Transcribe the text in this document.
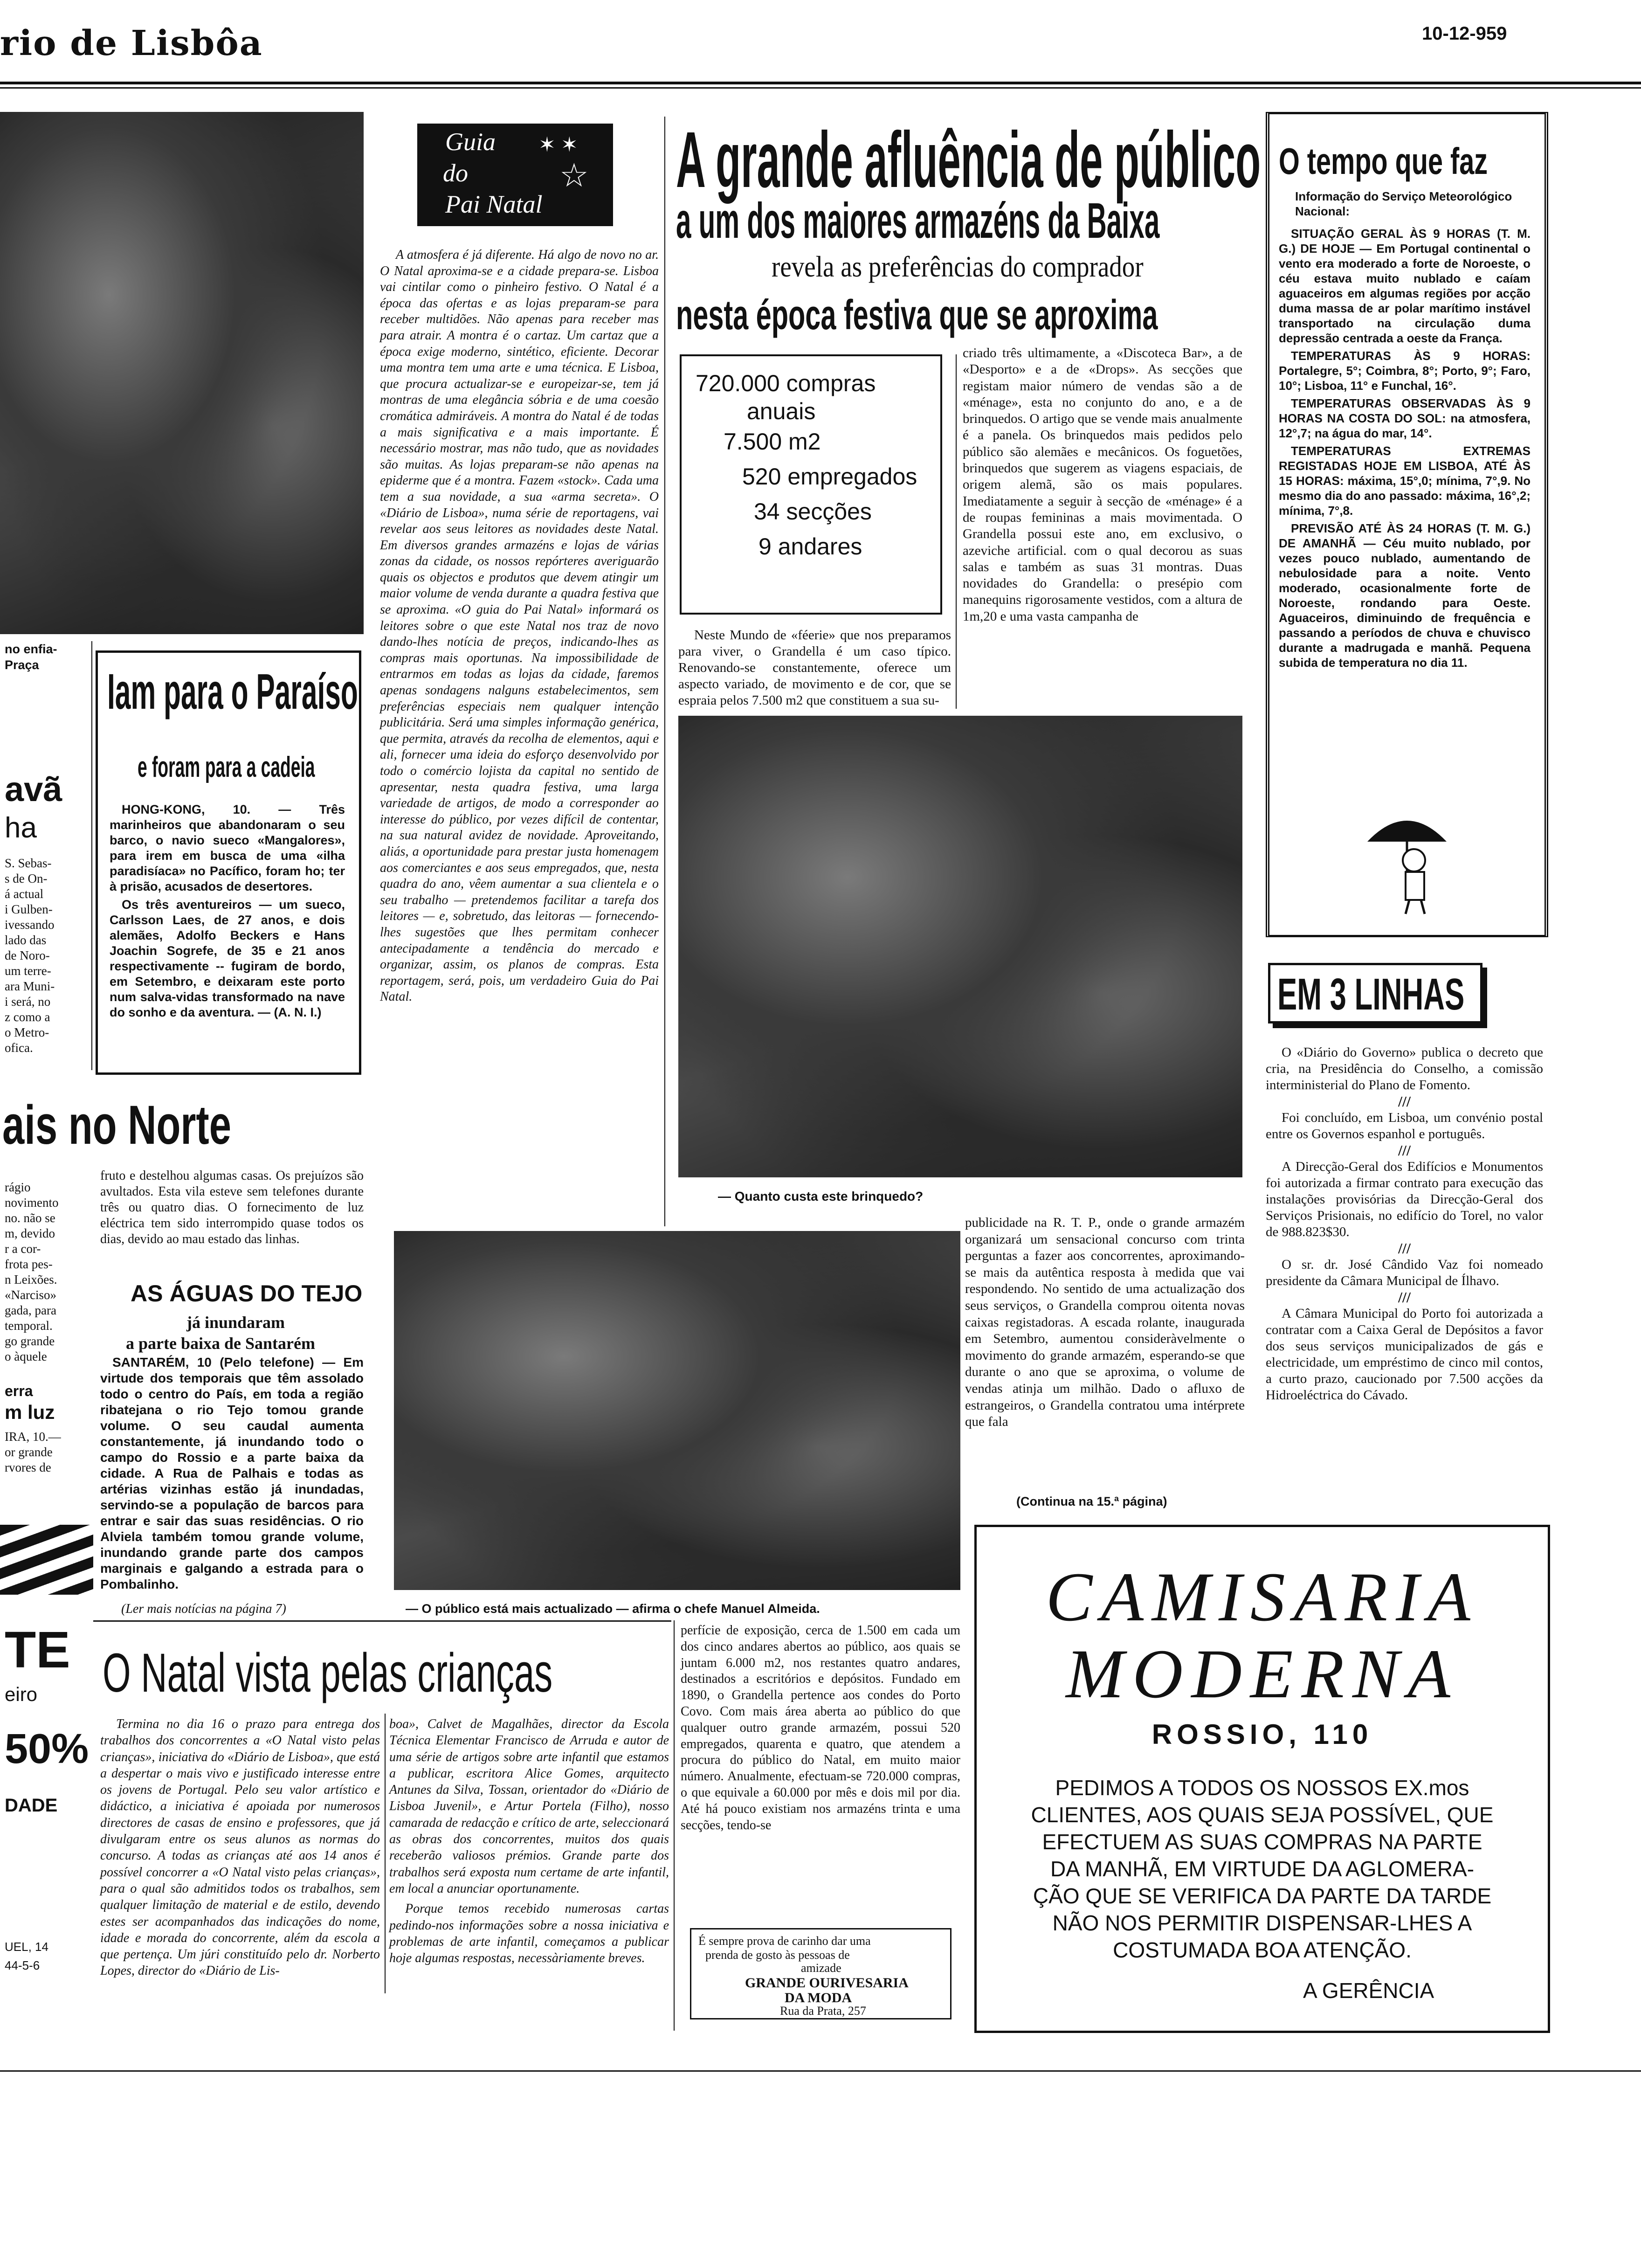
rio de Lisbôa	10-12-959
no enfia- Praça
avã
ha
S. Sebas-
s de On-
á actual
i Gulben-
ivessando
lado das
de Noro-
um terre-
ara Muni-
i será, no
z como a
o Metro-
ofica.
ais no Norte
rágio
novimento
no. não se
m, devido
r a cor-
frota pes-
n Leixões.
«Narciso»
gada, para
temporal.
go grande
o àquele
erra
m luz
IRA, 10.—
or grande
rvores de
TE
eiro
50%
DADE
UEL, 14
44-5-6
Iam para o Paraíso
e foram para a cadeia

HONG-KONG, 10. — Três marinheiros que abandonaram o seu barco, o navio sueco «Mangalores», para irem em busca de uma «ilha paradisíaca» no Pacífico, foram ho; ter à prisão, acusados de desertores.

Os três aventureiros — um sueco, Carlsson Laes, de 27 anos, e dois alemães, Adolfo Beckers e Hans Joachin Sogrefe, de 35 e 21 anos respectivamente -- fugiram de bordo, em Setembro, e deixaram este porto num salva-vidas transformado na nave do sonho e da aventura. — (A. N. I.)

fruto e destelhou algumas casas. Os prejuízos são avultados. Esta vila esteve sem telefones durante três ou quatro dias. O fornecimento de luz eléctrica tem sido interrompido quase todos os dias, devido ao mau estado das linhas.
AS ÁGUAS DO TEJO
já inundaram
a parte baixa de Santarém
SANTARÉM, 10 (Pelo telefone) — Em virtude dos temporais que têm assolado todo o centro do País, em toda a região ribatejana o rio Tejo tomou grande volume. O seu caudal aumenta constantemente, já inundando todo o campo do Rossio e a parte baixa da cidade. A Rua de Palhais e todas as artérias vizinhas estão já inundadas, servindo-se a população de barcos para entrar e sair das suas residências. O rio Alviela também tomou grande volume, inundando grande parte dos campos marginais e galgando a estrada para o Pombalinho.
(Ler mais notícias na página 7)
Guia
do
Pai Natal
✶ ✶
☆
A atmosfera é já diferente. Há algo de novo no ar. O Natal aproxima-se e a cidade prepara-se. Lisboa vai cintilar como o pinheiro festivo. O Natal é a época das ofertas e as lojas preparam-se para receber multidões. Não apenas para receber mas para atrair. A montra é o cartaz. Um cartaz que a época exige moderno, sintético, eficiente. Decorar uma montra tem uma arte e uma técnica. E Lisboa, que procura actualizar-se e europeizar-se, tem já montras de uma elegância sóbria e de uma coesão cromática admiráveis. A montra do Natal é de todas a mais significativa e a mais importante. É necessário mostrar, mas não tudo, que as novidades são muitas. As lojas preparam-se não apenas na epiderme que é a montra. Fazem «stock». Cada uma tem a sua novidade, a sua «arma secreta». O «Diário de Lisboa», numa série de reportagens, vai revelar aos seus leitores as novidades deste Natal. Em diversos grandes armazéns e lojas de várias zonas da cidade, os nossos repórteres averiguarão quais os objectos e produtos que devem atingir um maior volume de venda durante a quadra festiva que se aproxima. «O guia do Pai Natal» informará os leitores sobre o que este Natal nos traz de novo dando-lhes notícia de preços, indicando-lhes as compras mais oportunas. Na impossibilidade de entrarmos em todas as lojas da cidade, faremos apenas sondagens nalguns estabelecimentos, sem preferências especiais nem qualquer intenção publicitária. Será uma simples informação genérica, que permita, através da recolha de elementos, aqui e ali, fornecer uma ideia do esforço desenvolvido por todo o comércio lojista da capital no sentido de apresentar, nesta quadra festiva, uma larga variedade de artigos, de modo a corresponder ao interesse do público, por vezes difícil de contentar, na sua natural avidez de novidade. Aproveitando, aliás, a oportunidade para prestar justa homenagem aos comerciantes e aos seus empregados, que, nesta quadra do ano, vêem aumentar a sua clientela e o seu trabalho — pretendemos facilitar a tarefa dos leitores — e, sobretudo, das leitoras — fornecendo-lhes sugestões que lhes permitam conhecer antecipadamente a tendência do mercado e organizar, assim, os planos de compras. Esta reportagem, será, pois, um verdadeiro Guia do Pai Natal.
A grande afluência de público
a um dos maiores armazéns da Baixa
revela as preferências do comprador
nesta época festiva que se aproxima
720.000 compras
anuais
7.500 m2
520 empregados
34 secções
9 andares
Neste Mundo de «féerie» que nos preparamos para viver, o Grandella é um caso típico. Renovando-se constantemente, oferece um aspecto variado, de movimento e de cor, que se espraia pelos 7.500 m2 que constituem a sua su-
criado três ultimamente, a «Discoteca Bar», a de «Desporto» e a de «Drops». As secções que registam maior número de vendas são a de «ménage», esta no conjunto do ano, e a de brinquedos. O artigo que se vende mais anualmente é a panela. Os brinquedos mais pedidos pelo público são alemães e mecânicos. Os foguetões, brinquedos que sugerem as viagens espaciais, de origem alemã, são os mais populares. Imediatamente a seguir à secção de «ménage» é a de roupas femininas a mais movimentada. O Grandella possui este ano, em exclusivo, o azeviche artificial. com o qual decorou as suas salas e também as suas 31 montras. Duas novidades do Grandella: o presépio com manequins rigorosamente vestidos, com a altura de 1m,20 e uma vasta campanha de
— Quanto custa este brinquedo?
— O público está mais actualizado — afirma o chefe Manuel Almeida.
publicidade na R. T. P., onde o grande armazém organizará um sensacional concurso com trinta perguntas a fazer aos concorrentes, aproximando-se mais da autêntica resposta à medida que vai respondendo. No sentido de uma actualização dos seus serviços, o Grandella comprou oitenta novas caixas registadoras. A escada rolante, inaugurada em Setembro, aumentou consideràvelmente o movimento do grande armazém, esperando-se que durante o ano que se aproxima, o volume de vendas atinja um milhão. Dado o afluxo de estrangeiros, o Grandella contratou uma intérprete que fala
(Continua na 15.ª página)
O Natal vista pelas crianças
Termina no dia 16 o prazo para entrega dos trabalhos dos concorrentes a «O Natal visto pelas crianças», iniciativa do «Diário de Lisboa», que está a despertar o mais vivo e justificado interesse entre os jovens de Portugal. Pelo seu valor artístico e didáctico, a iniciativa é apoiada por numerosos directores de casas de ensino e professores, que já divulgaram entre os seus alunos as normas do concurso. A todas as crianças até aos 14 anos é possível concorrer a «O Natal visto pelas crianças», para o qual são admitidos todos os trabalhos, sem qualquer limitação de material e de estilo, devendo estes ser acompanhados das indicações do nome, idade e morada do concorrente, além da escola a que pertença. Um júri constituído pelo dr. Norberto Lopes, director do «Diário de Lis-

boa», Calvet de Magalhães, director da Escola Técnica Elementar Francisco de Arruda e autor de uma série de artigos sobre arte infantil que estamos a publicar, escritora Alice Gomes, arquitecto Antunes da Silva, Tossan, orientador do «Diário de Lisboa Juvenil», e Artur Portela (Filho), nosso camarada de redacção e crítico de arte, seleccionará as obras dos concorrentes, muitos dos quais receberão valiosos prémios. Grande parte dos trabalhos será exposta num certame de arte infantil, em local a anunciar oportunamente.

Porque temos recebido numerosas cartas pedindo-nos informações sobre a nossa iniciativa e problemas de arte infantil, começamos a publicar hoje algumas respostas, necessàriamente breves.

perfície de exposição, cerca de 1.500 em cada um dos cinco andares abertos ao público, aos quais se juntam 6.000 m2, nos restantes quatro andares, destinados a escritórios e depósitos. Fundado em 1890, o Grandella pertence aos condes do Porto Covo. Com mais área aberta ao público do que qualquer outro grande armazém, possui 520 empregados, quarenta e quatro, que atendem a procura do público do Natal, em muito maior número. Anualmente, efectuam-se 720.000 compras, o que equivale a 60.000 por mês e dois mil por dia. Até há pouco existiam nos armazéns trinta e uma secções, tendo-se
É sempre prova de carinho dar uma
prenda de gosto às pessoas de
amizade
GRANDE OURIVESARIA
DA MODA
Rua da Prata, 257
O tempo que faz
Informação do Serviço Meteorológico Nacional:

SITUAÇÃO GERAL ÀS 9 HORAS (T. M. G.) DE HOJE — Em Portugal continental o vento era moderado a forte de Noroeste, o céu estava muito nublado e caíam aguaceiros em algumas regiões por acção duma massa de ar polar marítimo instável transportado na circulação duma depressão centrada a oeste da França.

TEMPERATURAS ÀS 9 HORAS: Portalegre, 5°; Coimbra, 8°; Porto, 9°; Faro, 10°; Lisboa, 11° e Funchal, 16°.

TEMPERATURAS OBSERVADAS ÀS 9 HORAS NA COSTA DO SOL: na atmosfera, 12°,7; na água do mar, 14°.

TEMPERATURAS EXTREMAS REGISTADAS HOJE EM LISBOA, ATÉ ÀS 15 HORAS: máxima, 15°,0; mínima, 7°,9. No mesmo dia do ano passado: máxima, 16°,2; mínima, 7°,8.

PREVISÃO ATÉ ÀS 24 HORAS (T. M. G.) DE AMANHÃ — Céu muito nublado, por vezes pouco nublado, aumentando de nebulosidade para a noite. Vento moderado, ocasionalmente forte de Noroeste, rondando para Oeste. Aguaceiros, diminuindo de frequência e passando a períodos de chuva e chuvisco durante a madrugada e manhã. Pequena subida de temperatura no dia 11.

EM 3 LINHAS

O «Diário do Governo» publica o decreto que cria, na Presidência do Conselho, a comissão interministerial do Plano de Fomento.

///

Foi concluído, em Lisboa, um convénio postal entre os Governos espanhol e português.

///

A Direcção-Geral dos Edifícios e Monumentos foi autorizada a firmar contrato para execução das instalações provisórias da Direcção-Geral dos Serviços Prisionais, no edifício do Torel, no valor de 988.823$30.

///

O sr. dr. José Cândido Vaz foi nomeado presidente da Câmara Municipal de Ílhavo.

///

A Câmara Municipal do Porto foi autorizada a contratar com a Caixa Geral de Depósitos a favor dos seus serviços municipalizados de gás e electricidade, um empréstimo de cinco mil contos, a curto prazo, caucionado por 7.500 acções da Hidroeléctrica do Cávado.

CAMISARIA
MODERNA
ROSSIO, 110
PEDIMOS A TODOS OS NOSSOS EX.mos
CLIENTES, AOS QUAIS SEJA POSSÍVEL, QUE
EFECTUEM AS SUAS COMPRAS NA PARTE
DA MANHÃ, EM VIRTUDE DA AGLOMERA-
ÇÃO QUE SE VERIFICA DA PARTE DA TARDE
NÃO NOS PERMITIR DISPENSAR-LHES A
COSTUMADA BOA ATENÇÃO.
A GERÊNCIA
